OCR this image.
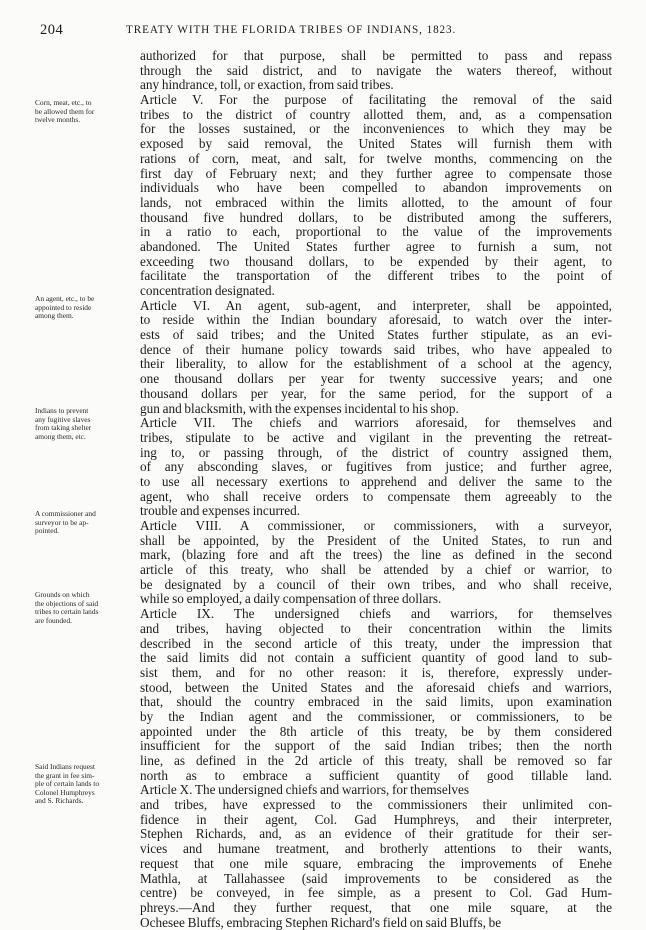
204	TREATY WITH THE FLORIDA TRIBES OF INDIANS, 1823.
Corn, meat, etc., to
be allowed them for
twelve months.
An agent, etc., to be
appointed to reside
among them.
Indians to prevent
any fugitive slaves
from taking shelter
among them, etc.
A commissioner and
surveyor to be ap-
pointed.
Grounds on which
the objections of said
tribes to certain lands
are founded.
Said Indians request
the grant in fee sim-
ple of certain lands to
Colonel Humphreys
and S. Richards.
authorized for that purpose, shall be permitted to pass and repass
through the said district, and to navigate the waters thereof, without
any hindrance, toll, or exaction, from said tribes.
Article V. For the purpose of facilitating the removal of the said
tribes to the district of country allotted them, and, as a compensation
for the losses sustained, or the inconveniences to which they may be
exposed by said removal, the United States will furnish them with
rations of corn, meat, and salt, for twelve months, commencing on the
first day of February next; and they further agree to compensate those
individuals who have been compelled to abandon improvements on
lands, not embraced within the limits allotted, to the amount of four
thousand five hundred dollars, to be distributed among the sufferers,
in a ratio to each, proportional to the value of the improvements
abandoned. The United States further agree to furnish a sum, not
exceeding two thousand dollars, to be expended by their agent, to
facilitate the transportation of the different tribes to the point of
concentration designated.
Article VI. An agent, sub-agent, and interpreter, shall be appointed,
to reside within the Indian boundary aforesaid, to watch over the inter-
ests of said tribes; and the United States further stipulate, as an evi-
dence of their humane policy towards said tribes, who have appealed to
their liberality, to allow for the establishment of a school at the agency,
one thousand dollars per year for twenty successive years; and one
thousand dollars per year, for the same period, for the support of a
gun and blacksmith, with the expenses incidental to his shop.
Article VII. The chiefs and warriors aforesaid, for themselves and
tribes, stipulate to be active and vigilant in the preventing the retreat-
ing to, or passing through, of the district of country assigned them,
of any absconding slaves, or fugitives from justice; and further agree,
to use all necessary exertions to apprehend and deliver the same to the
agent, who shall receive orders to compensate them agreeably to the
trouble and expenses incurred.
Article VIII. A commissioner, or commissioners, with a surveyor,
shall be appointed, by the President of the United States, to run and
mark, (blazing fore and aft the trees) the line as defined in the second
article of this treaty, who shall be attended by a chief or warrior, to
be designated by a council of their own tribes, and who shall receive,
while so employed, a daily compensation of three dollars.
Article IX. The undersigned chiefs and warriors, for themselves
and tribes, having objected to their concentration within the limits
described in the second article of this treaty, under the impression that
the said limits did not contain a sufficient quantity of good land to sub-
sist them, and for no other reason: it is, therefore, expressly under-
stood, between the United States and the aforesaid chiefs and warriors,
that, should the country embraced in the said limits, upon examination
by the Indian agent and the commissioner, or commissioners, to be
appointed under the 8th article of this treaty, be by them considered
insufficient for the support of the said Indian tribes; then the north
line, as defined in the 2d article of this treaty, shall be removed so far
north as to embrace a sufficient quantity of good tillable land.
Article X. The undersigned chiefs and warriors, for themselves
and tribes, have expressed to the commissioners their unlimited con-
fidence in their agent, Col. Gad Humphreys, and their interpreter,
Stephen Richards, and, as an evidence of their gratitude for their ser-
vices and humane treatment, and brotherly attentions to their wants,
request that one mile square, embracing the improvements of Enehe
Mathla, at Tallahassee (said improvements to be considered as the
centre) be conveyed, in fee simple, as a present to Col. Gad Hum-
phreys.—And they further request, that one mile square, at the
Ochesee Bluffs, embracing Stephen Richard's field on said Bluffs, be
